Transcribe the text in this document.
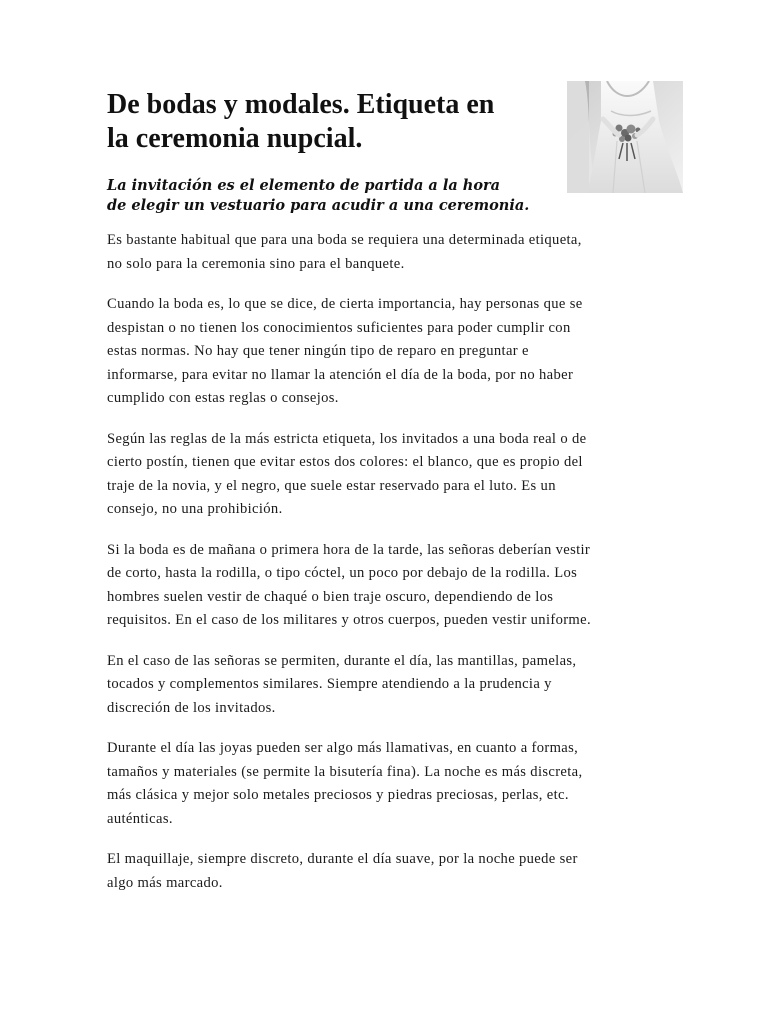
De bodas y modales. Etiqueta en
la ceremonia nupcial.

La invitación es el elemento de partida a la hora
de elegir un vestuario para acudir a una ceremonia.

Es bastante habitual que para una boda se requiera una determinada etiqueta,
no solo para la ceremonia sino para el banquete.

Cuando la boda es, lo que se dice, de cierta importancia, hay personas que se
despistan o no tienen los conocimientos suficientes para poder cumplir con
estas normas. No hay que tener ningún tipo de reparo en preguntar e
informarse, para evitar no llamar la atención el día de la boda, por no haber
cumplido con estas reglas o consejos.

Según las reglas de la más estricta etiqueta, los invitados a una boda real o de
cierto postín, tienen que evitar estos dos colores: el blanco, que es propio del
traje de la novia, y el negro, que suele estar reservado para el luto. Es un
consejo, no una prohibición.

Si la boda es de mañana o primera hora de la tarde, las señoras deberían vestir
de corto, hasta la rodilla, o tipo cóctel, un poco por debajo de la rodilla. Los
hombres suelen vestir de chaqué o bien traje oscuro, dependiendo de los
requisitos. En el caso de los militares y otros cuerpos, pueden vestir uniforme.

En el caso de las señoras se permiten, durante el día, las mantillas, pamelas,
tocados y complementos similares. Siempre atendiendo a la prudencia y
discreción de los invitados.

Durante el día las joyas pueden ser algo más llamativas, en cuanto a formas,
tamaños y materiales (se permite la bisutería fina). La noche es más discreta,
más clásica y mejor solo metales preciosos y piedras preciosas, perlas, etc.
auténticas.

El maquillaje, siempre discreto, durante el día suave, por la noche puede ser
algo más marcado.
